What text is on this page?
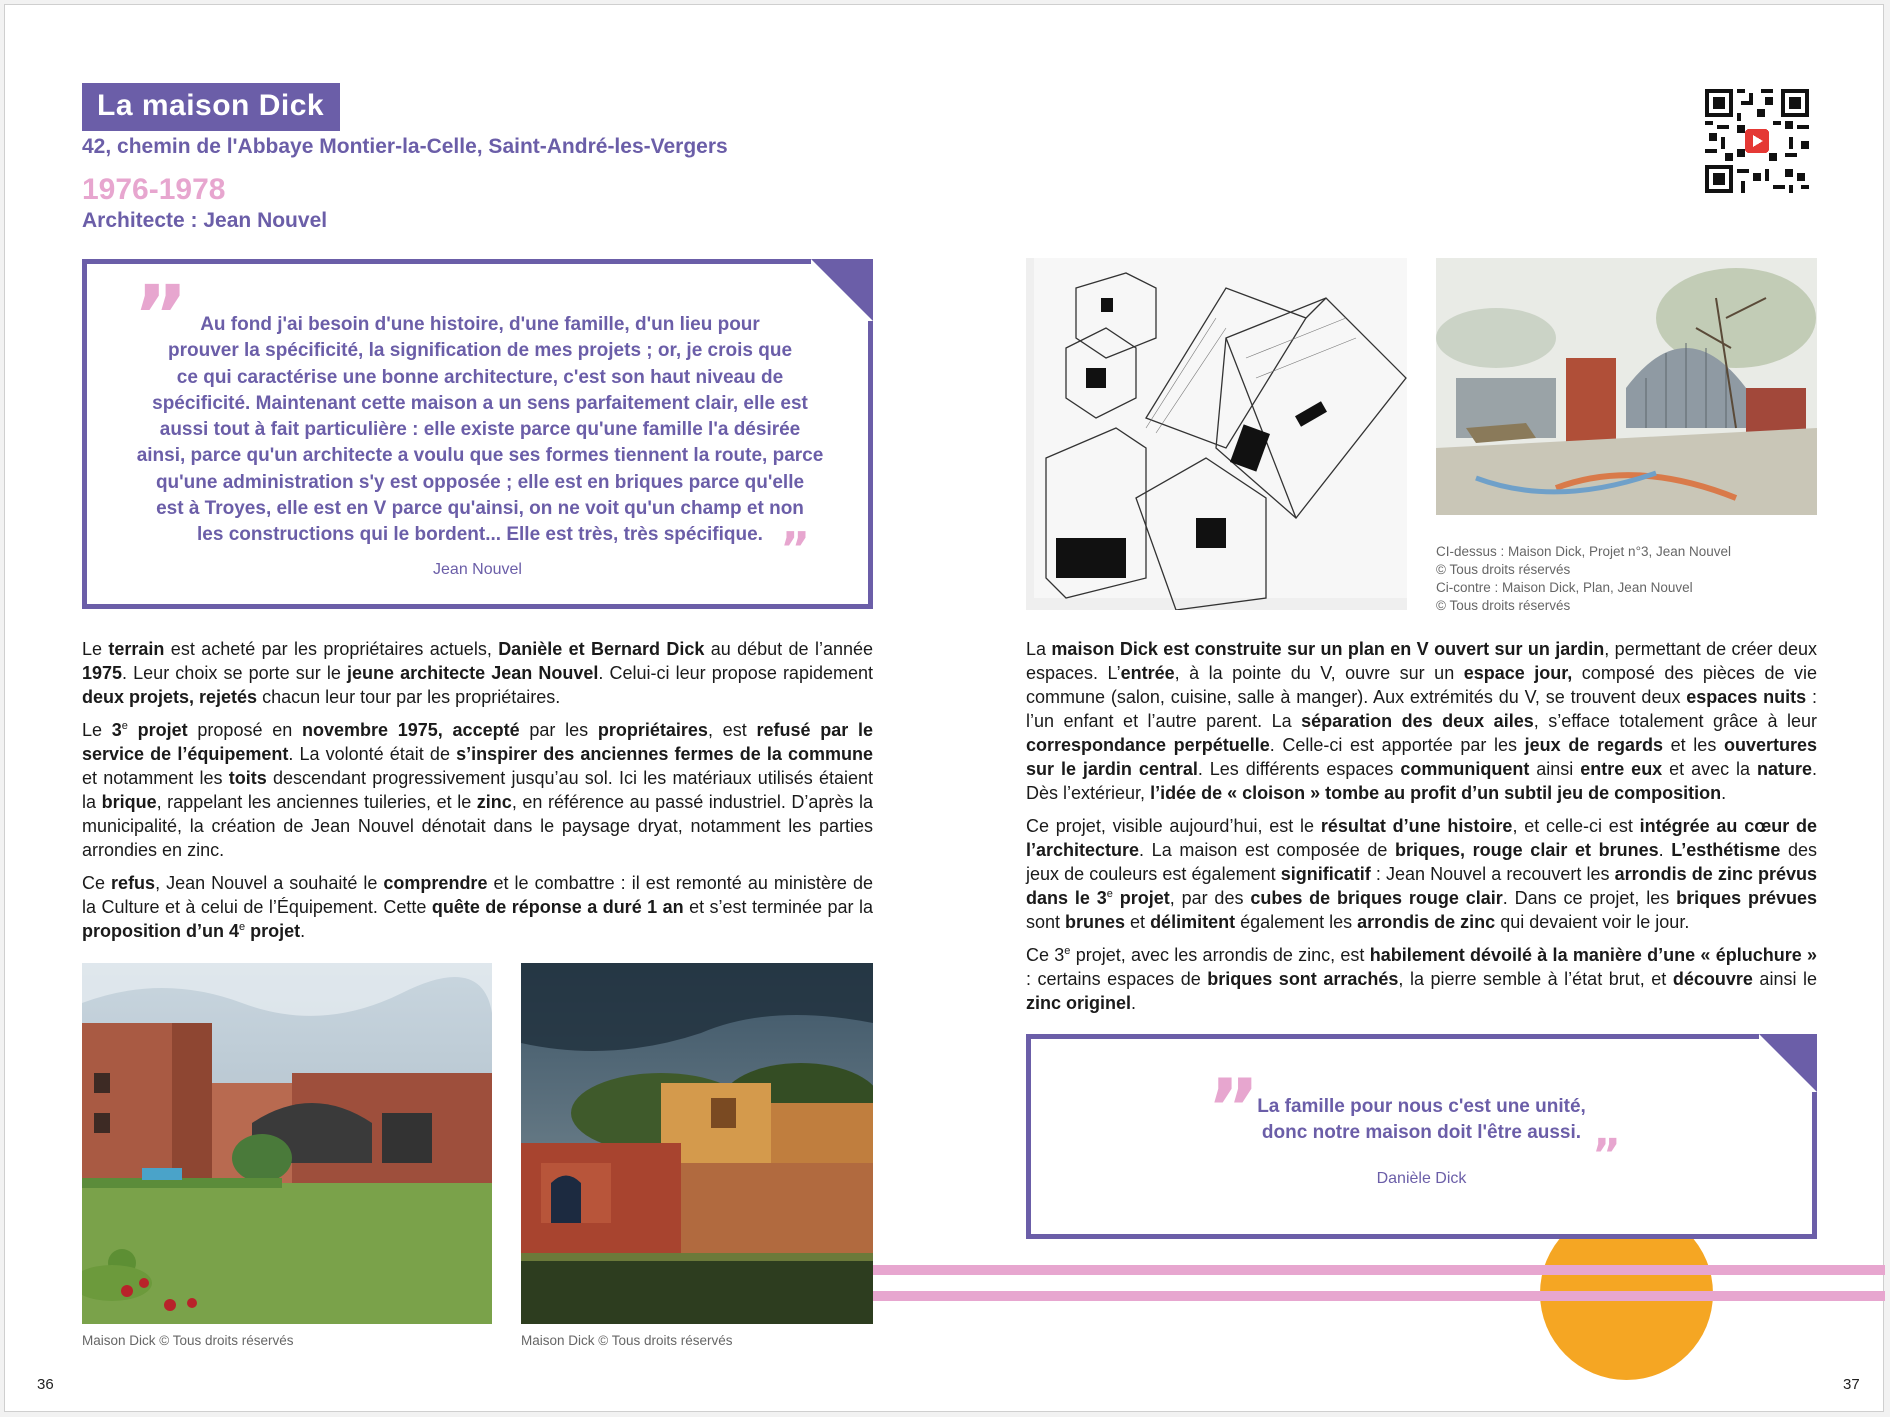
La maison Dick
42, chemin de l'Abbaye Montier-la-Celle, Saint-André-les-Vergers
1976-1978
Architecte : Jean Nouvel
” Au fond j'ai besoin d'une histoire, d'une famille, d'un lieu pour
prouver la spécificité, la signification de mes projets ; or, je crois que
ce qui caractérise une bonne architecture, c'est son haut niveau de
spécificité. Maintenant cette maison a un sens parfaitement clair, elle est
aussi tout à fait particulière : elle existe parce qu'une famille l'a désirée
ainsi, parce qu'un architecte a voulu que ses formes tiennent la route, parce
qu'une administration s'y est opposée ; elle est en briques parce qu'elle
est à Troyes, elle est en V parce qu'ainsi, on ne voit qu'un champ et non
les constructions qui le bordent... Elle est très, très spécifique. ”
Jean Nouvel

Le terrain est acheté par les propriétaires actuels, Danièle et Bernard Dick au début de l’année 1975. Leur choix se porte sur le jeune architecte Jean Nouvel. Celui-ci leur propose rapidement deux projets, rejetés chacun leur tour par les propriétaires.

Le 3e projet proposé en novembre 1975, accepté par les propriétaires, est refusé par le service de l’équipement. La volonté était de s’inspirer des anciennes fermes de la commune et notamment les toits descendant progressivement jusqu’au sol. Ici les matériaux utilisés étaient la brique, rappelant les anciennes tuileries, et le zinc, en référence au passé industriel. D’après la municipalité, la création de Jean Nouvel dénotait dans le paysage dryat, notamment les parties arrondies en zinc.

Ce refus, Jean Nouvel a souhaité le comprendre et le combattre : il est remonté au ministère de la Culture et à celui de l’Équipement. Cette quête de réponse a duré 1 an et s’est terminée par la proposition d’un 4e projet.

Maison Dick © Tous droits réservés	Maison Dick © Tous droits réservés
36
CI-dessus : Maison Dick, Projet n°3, Jean Nouvel
© Tous droits réservés
Ci-contre : Maison Dick, Plan, Jean Nouvel
© Tous droits réservés

La maison Dick est construite sur un plan en V ouvert sur un jardin, permettant de créer deux espaces. L’entrée, à la pointe du V, ouvre sur un espace jour, composé des pièces de vie commune (salon, cuisine, salle à manger). Aux extrémités du V, se trouvent deux espaces nuits : l’un enfant et l’autre parent. La séparation des deux ailes, s’efface totalement grâce à leur correspondance perpétuelle. Celle-ci est apportée par les jeux de regards et les ouvertures sur le jardin central. Les différents espaces communiquent ainsi entre eux et avec la nature. Dès l’extérieur, l’idée de « cloison » tombe au profit d’un subtil jeu de composition.

Ce projet, visible aujourd’hui, est le résultat d’une histoire, et celle-ci est intégrée au cœur de l’architecture. La maison est composée de briques, rouge clair et brunes. L’esthétisme des jeux de couleurs est également significatif : Jean Nouvel a recouvert les arrondis de zinc prévus dans le 3e projet, par des cubes de briques rouge clair. Dans ce projet, les briques prévues sont brunes et délimitent également les arrondis de zinc qui devaient voir le jour.

Ce 3e projet, avec les arrondis de zinc, est habilement dévoilé à la manière d’une « épluchure » : certains espaces de briques sont arrachés, la pierre semble à l’état brut, et découvre ainsi le zinc originel.

”
La famille pour nous c'est une unité,
donc notre maison doit l'être aussi. ”
Danièle Dick
37
